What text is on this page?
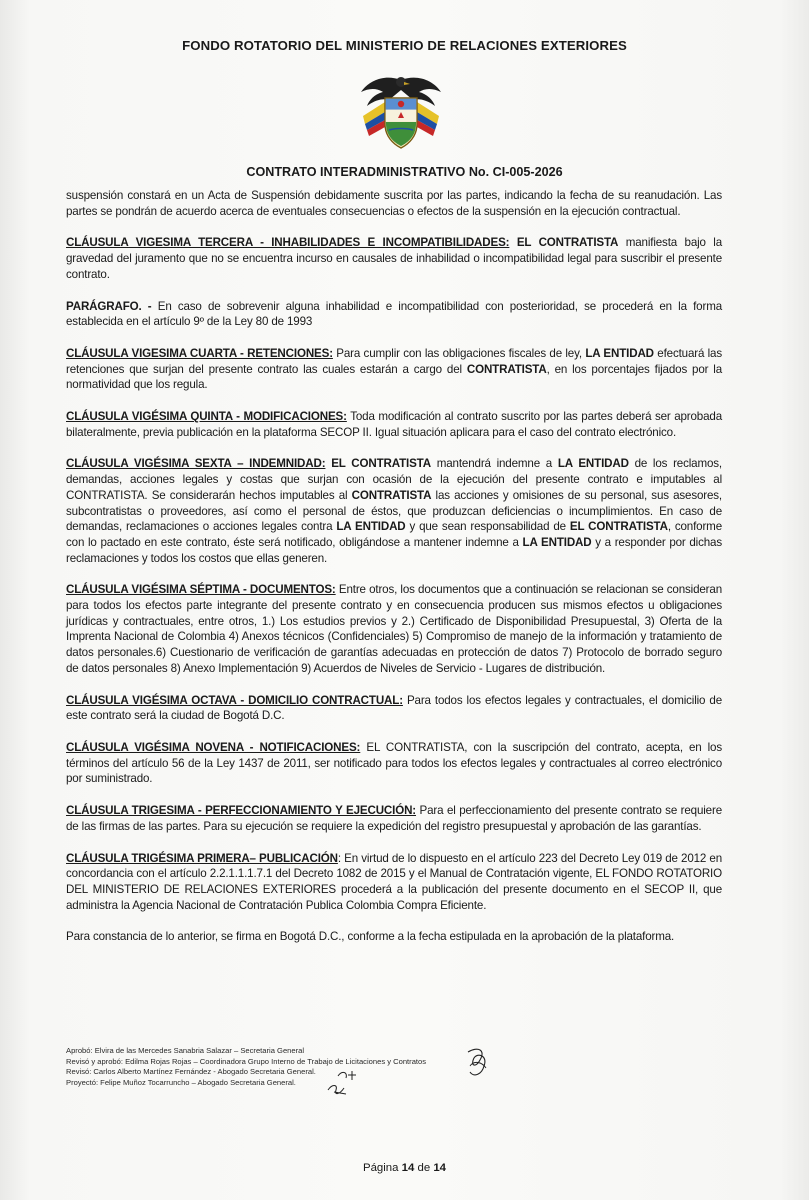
FONDO ROTATORIO DEL MINISTERIO DE RELACIONES EXTERIORES
CONTRATO INTERADMINISTRATIVO No. CI-005-2026

suspensión constará en un Acta de Suspensión debidamente suscrita por las partes, indicando la fecha de su reanudación. Las partes se pondrán de acuerdo acerca de eventuales consecuencias o efectos de la suspensión en la ejecución contractual.

CLÁUSULA VIGESIMA TERCERA - INHABILIDADES E INCOMPATIBILIDADES: EL CONTRATISTA manifiesta bajo la gravedad del juramento que no se encuentra incurso en causales de inhabilidad o incompatibilidad legal para suscribir el presente contrato.

PARÁGRAFO. - En caso de sobrevenir alguna inhabilidad e incompatibilidad con posterioridad, se procederá en la forma establecida en el artículo 9º de la Ley 80 de 1993

CLÁUSULA VIGESIMA CUARTA - RETENCIONES: Para cumplir con las obligaciones fiscales de ley, LA ENTIDAD efectuará las retenciones que surjan del presente contrato las cuales estarán a cargo del CONTRATISTA, en los porcentajes fijados por la normatividad que los regula.

CLÁUSULA VIGÉSIMA QUINTA - MODIFICACIONES: Toda modificación al contrato suscrito por las partes deberá ser aprobada bilateralmente, previa publicación en la plataforma SECOP II. Igual situación aplicara para el caso del contrato electrónico.

CLÁUSULA VIGÉSIMA SEXTA – INDEMNIDAD: EL CONTRATISTA mantendrá indemne a LA ENTIDAD de los reclamos, demandas, acciones legales y costas que surjan con ocasión de la ejecución del presente contrato e imputables al CONTRATISTA. Se considerarán hechos imputables al CONTRATISTA las acciones y omisiones de su personal, sus asesores, subcontratistas o proveedores, así como el personal de éstos, que produzcan deficiencias o incumplimientos. En caso de demandas, reclamaciones o acciones legales contra LA ENTIDAD y que sean responsabilidad de EL CONTRATISTA, conforme con lo pactado en este contrato, éste será notificado, obligándose a mantener indemne a LA ENTIDAD y a responder por dichas reclamaciones y todos los costos que ellas generen.

CLÁUSULA VIGÉSIMA SÉPTIMA - DOCUMENTOS: Entre otros, los documentos que a continuación se relacionan se consideran para todos los efectos parte integrante del presente contrato y en consecuencia producen sus mismos efectos u obligaciones jurídicas y contractuales, entre otros, 1.) Los estudios previos y 2.) Certificado de Disponibilidad Presupuestal, 3) Oferta de la Imprenta Nacional de Colombia 4) Anexos técnicos (Confidenciales) 5) Compromiso de manejo de la información y tratamiento de datos personales.6) Cuestionario de verificación de garantías adecuadas en protección de datos 7) Protocolo de borrado seguro de datos personales 8) Anexo Implementación 9) Acuerdos de Niveles de Servicio - Lugares de distribución.

CLÁUSULA VIGÉSIMA OCTAVA - DOMICILIO CONTRACTUAL: Para todos los efectos legales y contractuales, el domicilio de este contrato será la ciudad de Bogotá D.C.

CLÁUSULA VIGÉSIMA NOVENA - NOTIFICACIONES: EL CONTRATISTA, con la suscripción del contrato, acepta, en los términos del artículo 56 de la Ley 1437 de 2011, ser notificado para todos los efectos legales y contractuales al correo electrónico por suministrado.

CLÁUSULA TRIGESIMA - PERFECCIONAMIENTO Y EJECUCIÓN: Para el perfeccionamiento del presente contrato se requiere de las firmas de las partes. Para su ejecución se requiere la expedición del registro presupuestal y aprobación de las garantías.

CLÁUSULA TRIGÉSIMA PRIMERA– PUBLICACIÓN: En virtud de lo dispuesto en el artículo 223 del Decreto Ley 019 de 2012 en concordancia con el artículo 2.2.1.1.1.7.1 del Decreto 1082 de 2015 y el Manual de Contratación vigente, EL FONDO ROTATORIO DEL MINISTERIO DE RELACIONES EXTERIORES procederá a la publicación del presente documento en el SECOP II, que administra la Agencia Nacional de Contratación Publica Colombia Compra Eficiente.

Para constancia de lo anterior, se firma en Bogotá D.C., conforme a la fecha estipulada en la aprobación de la plataforma.

Aprobó: Elvira de las Mercedes Sanabria Salazar – Secretaria General
Revisó y aprobó: Edilma Rojas Rojas – Coordinadora Grupo Interno de Trabajo de Licitaciones y Contratos
Revisó: Carlos Alberto Martínez Fernández - Abogado Secretaria General.
Proyectó: Felipe Muñoz Tocarruncho – Abogado Secretaria General.
Página 14 de 14
